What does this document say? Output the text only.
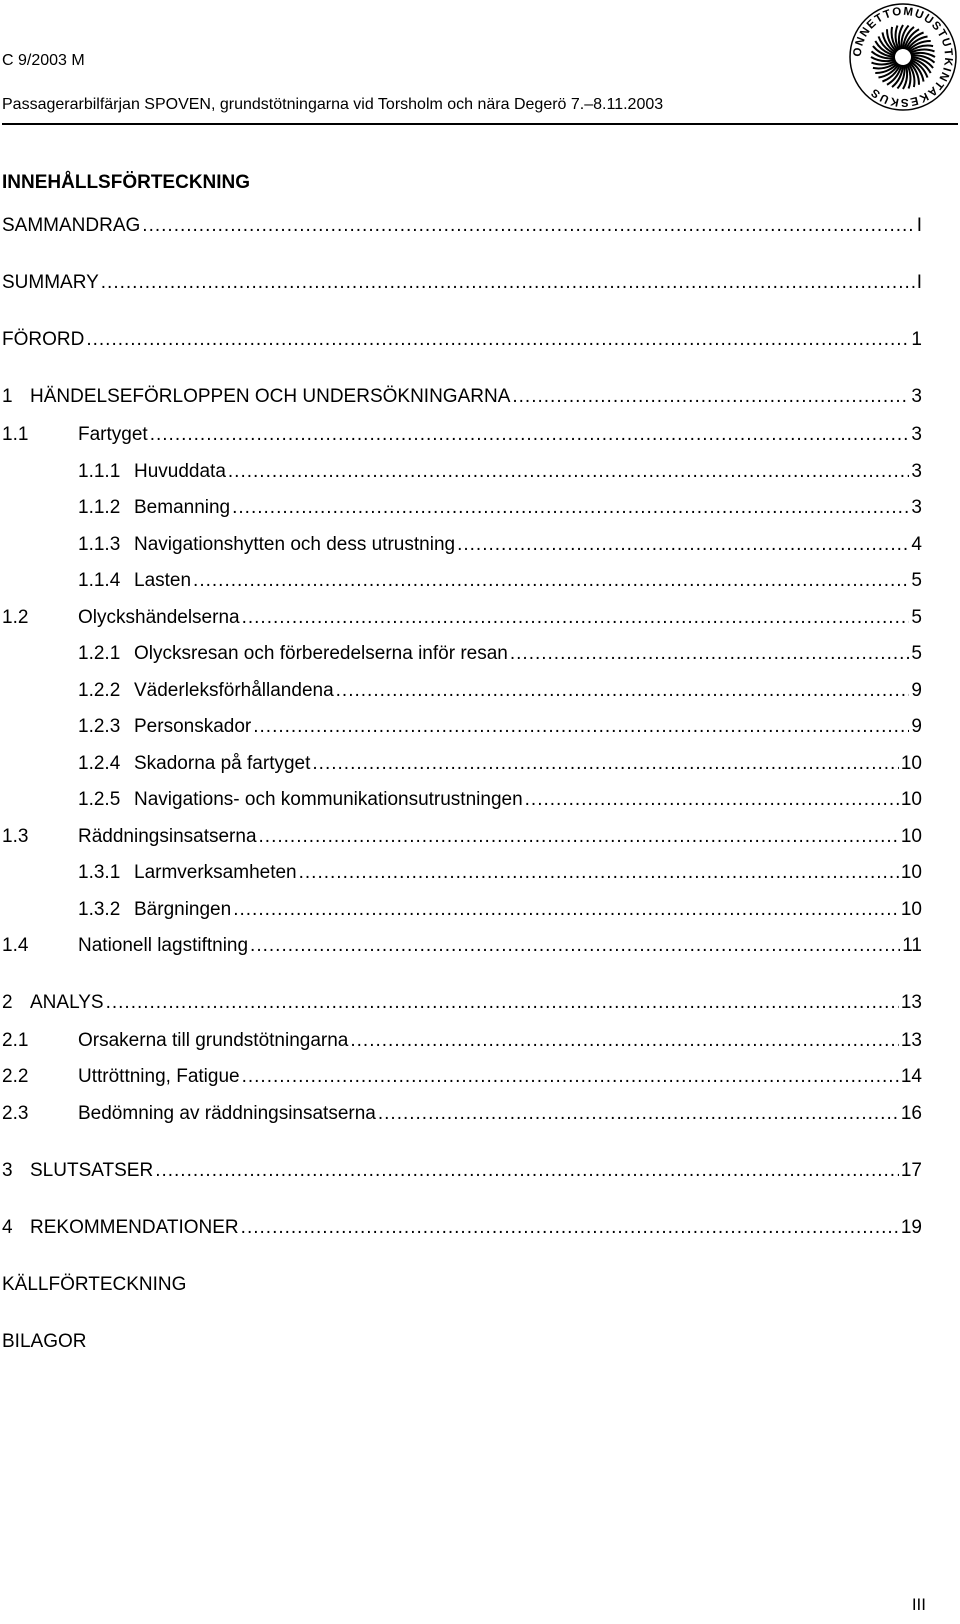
C 9/2003 M
Passagerarbilfärjan SPOVEN, grundstötningarna vid Torsholm och nära Degerö 7.–8.11.2003
ONNETTOMUUSTUTKINTAKESKUS
INNEHÅLLSFÖRTECKNING
SAMMANDRAG .....	I
SUMMARY .....	I
FÖRORD .....	1
1 HÄNDELSEFÖRLOPPEN OCH UNDERSÖKNINGARNA .....	3
1.1	Fartyget .....	3
1.1.1 Huvuddata .....	3
1.1.2 Bemanning .....	3
1.1.3 Navigationshytten och dess utrustning .....	4
1.1.4 Lasten .....	5
1.2	Olyckshändelserna .....	5
1.2.1 Olycksresan och förberedelserna inför resan .....	5
1.2.2 Väderleksförhållandena .....	9
1.2.3 Personskador .....	9
1.2.4 Skadorna på fartyget .....	10
1.2.5 Navigations- och kommunikationsutrustningen .....	10
1.3	Räddningsinsatserna .....	10
1.3.1 Larmverksamheten .....	10
1.3.2 Bärgningen .....	10
1.4	Nationell lagstiftning .....	11
2 ANALYS .....	13
2.1	Orsakerna till grundstötningarna .....	13
2.2	Uttröttning, Fatigue .....	14
2.3	Bedömning av räddningsinsatserna .....	16
3 SLUTSATSER .....	17
4 REKOMMENDATIONER .....	19
KÄLLFÖRTECKNING
BILAGOR
III
